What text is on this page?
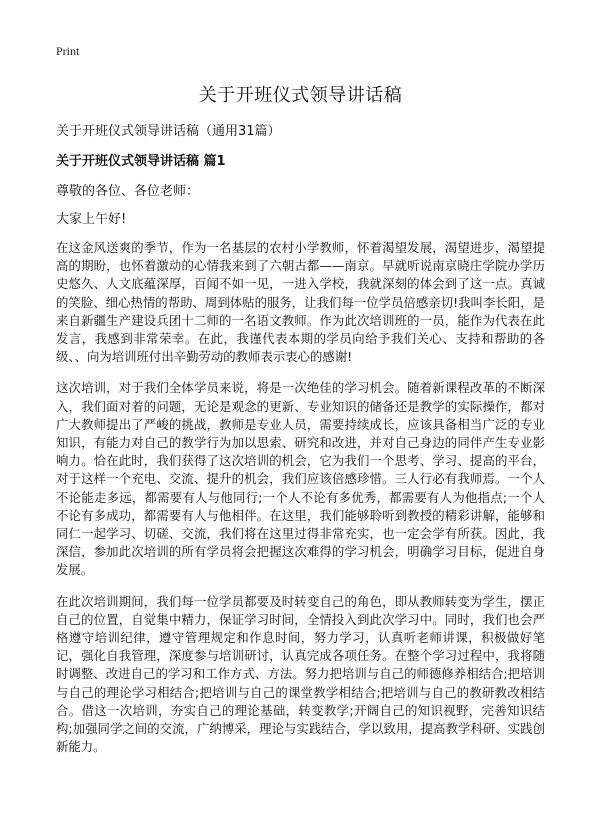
Print
关于开班仪式领导讲话稿
关于开班仪式领导讲话稿（通用31篇）
关于开班仪式领导讲话稿 篇1
尊敬的各位、各位老师：
大家上午好!

在这金风送爽的季节，作为一名基层的农村小学教师，怀着渴望发展，渴望进步，渴望提高的期盼，也怀着激动的心情我来到了六朝古都——南京。早就听说南京晓庄学院办学历史悠久、人文底蕴深厚，百闻不如一见，一进入学校，我就深刻的体会到了这一点。真诚的笑脸、细心热情的帮助、周到体贴的服务，让我们每一位学员倍感亲切!我叫李长阳，是来自新疆生产建设兵团十二师的一名语文教师。作为此次培训班的一员，能作为代表在此发言，我感到非常荣幸。在此，我谨代表本期的学员向给予我们关心、支持和帮助的各级、、向为培训班付出辛勤劳动的教师表示衷心的感谢!

这次培训，对于我们全体学员来说，将是一次绝佳的学习机会。随着新课程改革的不断深入，我们面对着的问题，无论是观念的更新、专业知识的储备还是教学的实际操作，都对广大教师提出了严峻的挑战，教师是专业人员，需要持续成长，应该具备相当广泛的专业知识，有能力对自己的教学行为加以思索、研究和改进，并对自己身边的同伴产生专业影响力。恰在此时，我们获得了这次培训的机会，它为我们一个思考、学习、提高的平台，对于这样一个充电、交流、提升的机会，我们应该倍感珍惜。三人行必有我师焉。一个人不论能走多远，都需要有人与他同行;一个人不论有多优秀，都需要有人为他指点;一个人不论有多成功，都需要有人与他相伴。在这里，我们能够聆听到教授的精彩讲解，能够和同仁一起学习、切磋、交流，我们将在这里过得非常充实，也一定会学有所获。因此，我深信，参加此次培训的所有学员将会把握这次难得的学习机会，明确学习目标，促进自身发展。

在此次培训期间，我们每一位学员都要及时转变自己的角色，即从教师转变为学生，摆正自己的位置，自觉集中精力，保证学习时间，全情投入到此次学习中。同时，我们也会严格遵守培训纪律，遵守管理规定和作息时间，努力学习，认真听老师讲课，积极做好笔记，强化自我管理，深度参与培训研讨，认真完成各项任务。在整个学习过程中，我将随时调整、改进自己的学习和工作方式、方法。努力把培训与自己的师德修养相结合;把培训与自己的理论学习相结合;把培训与自己的课堂教学相结合;把培训与自己的教研教改相结合。借这一次培训，夯实自己的理论基础，转变教学;开阔自己的知识视野，完善知识结构;加强同学之间的交流，广纳博采，理论与实践结合，学以致用，提高教学科研、实践创新能力。
